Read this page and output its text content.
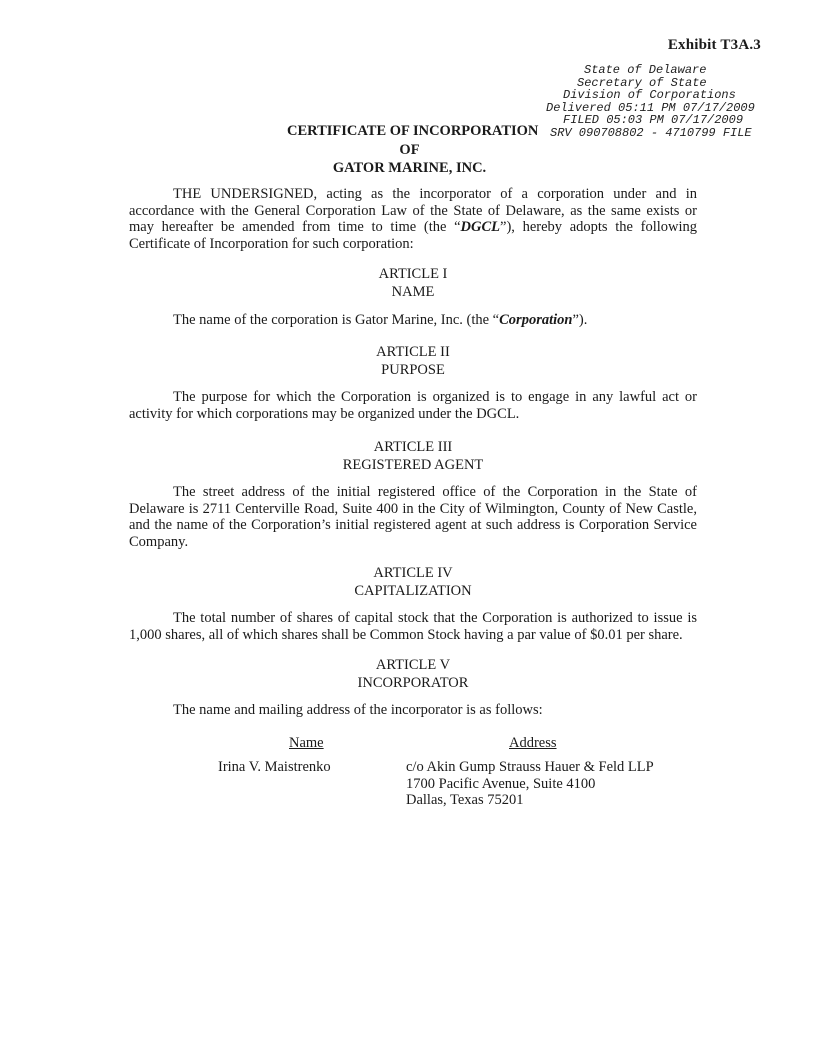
Exhibit T3A.3
State of Delaware
Secretary of State
Division of Corporations
Delivered 05:11 PM 07/17/2009
FILED 05:03 PM 07/17/2009
SRV 090708802 - 4710799 FILE
CERTIFICATE OF INCORPORATION
OF
GATOR MARINE, INC.

THE UNDERSIGNED, acting as the incorporator of a corporation under and in accordance with the General Corporation Law of the State of Delaware, as the same exists or may hereafter be amended from time to time (the “DGCL”), hereby adopts the following Certificate of Incorporation for such corporation:

ARTICLE I
NAME

The name of the corporation is Gator Marine, Inc. (the “Corporation”).

ARTICLE II
PURPOSE

The purpose for which the Corporation is organized is to engage in any lawful act or activity for which corporations may be organized under the DGCL.

ARTICLE III
REGISTERED AGENT

The street address of the initial registered office of the Corporation in the State of Delaware is 2711 Centerville Road, Suite 400 in the City of Wilmington, County of New Castle, and the name of the Corporation’s initial registered agent at such address is Corporation Service Company.

ARTICLE IV
CAPITALIZATION

The total number of shares of capital stock that the Corporation is authorized to issue is 1,000 shares, all of which shares shall be Common Stock having a par value of $0.01 per share.

ARTICLE V
INCORPORATOR

The name and mailing address of the incorporator is as follows:

Name	Address
Irina V. Maistrenko	c/o Akin Gump Strauss Hauer & Feld LLP
1700 Pacific Avenue, Suite 4100
Dallas, Texas 75201
